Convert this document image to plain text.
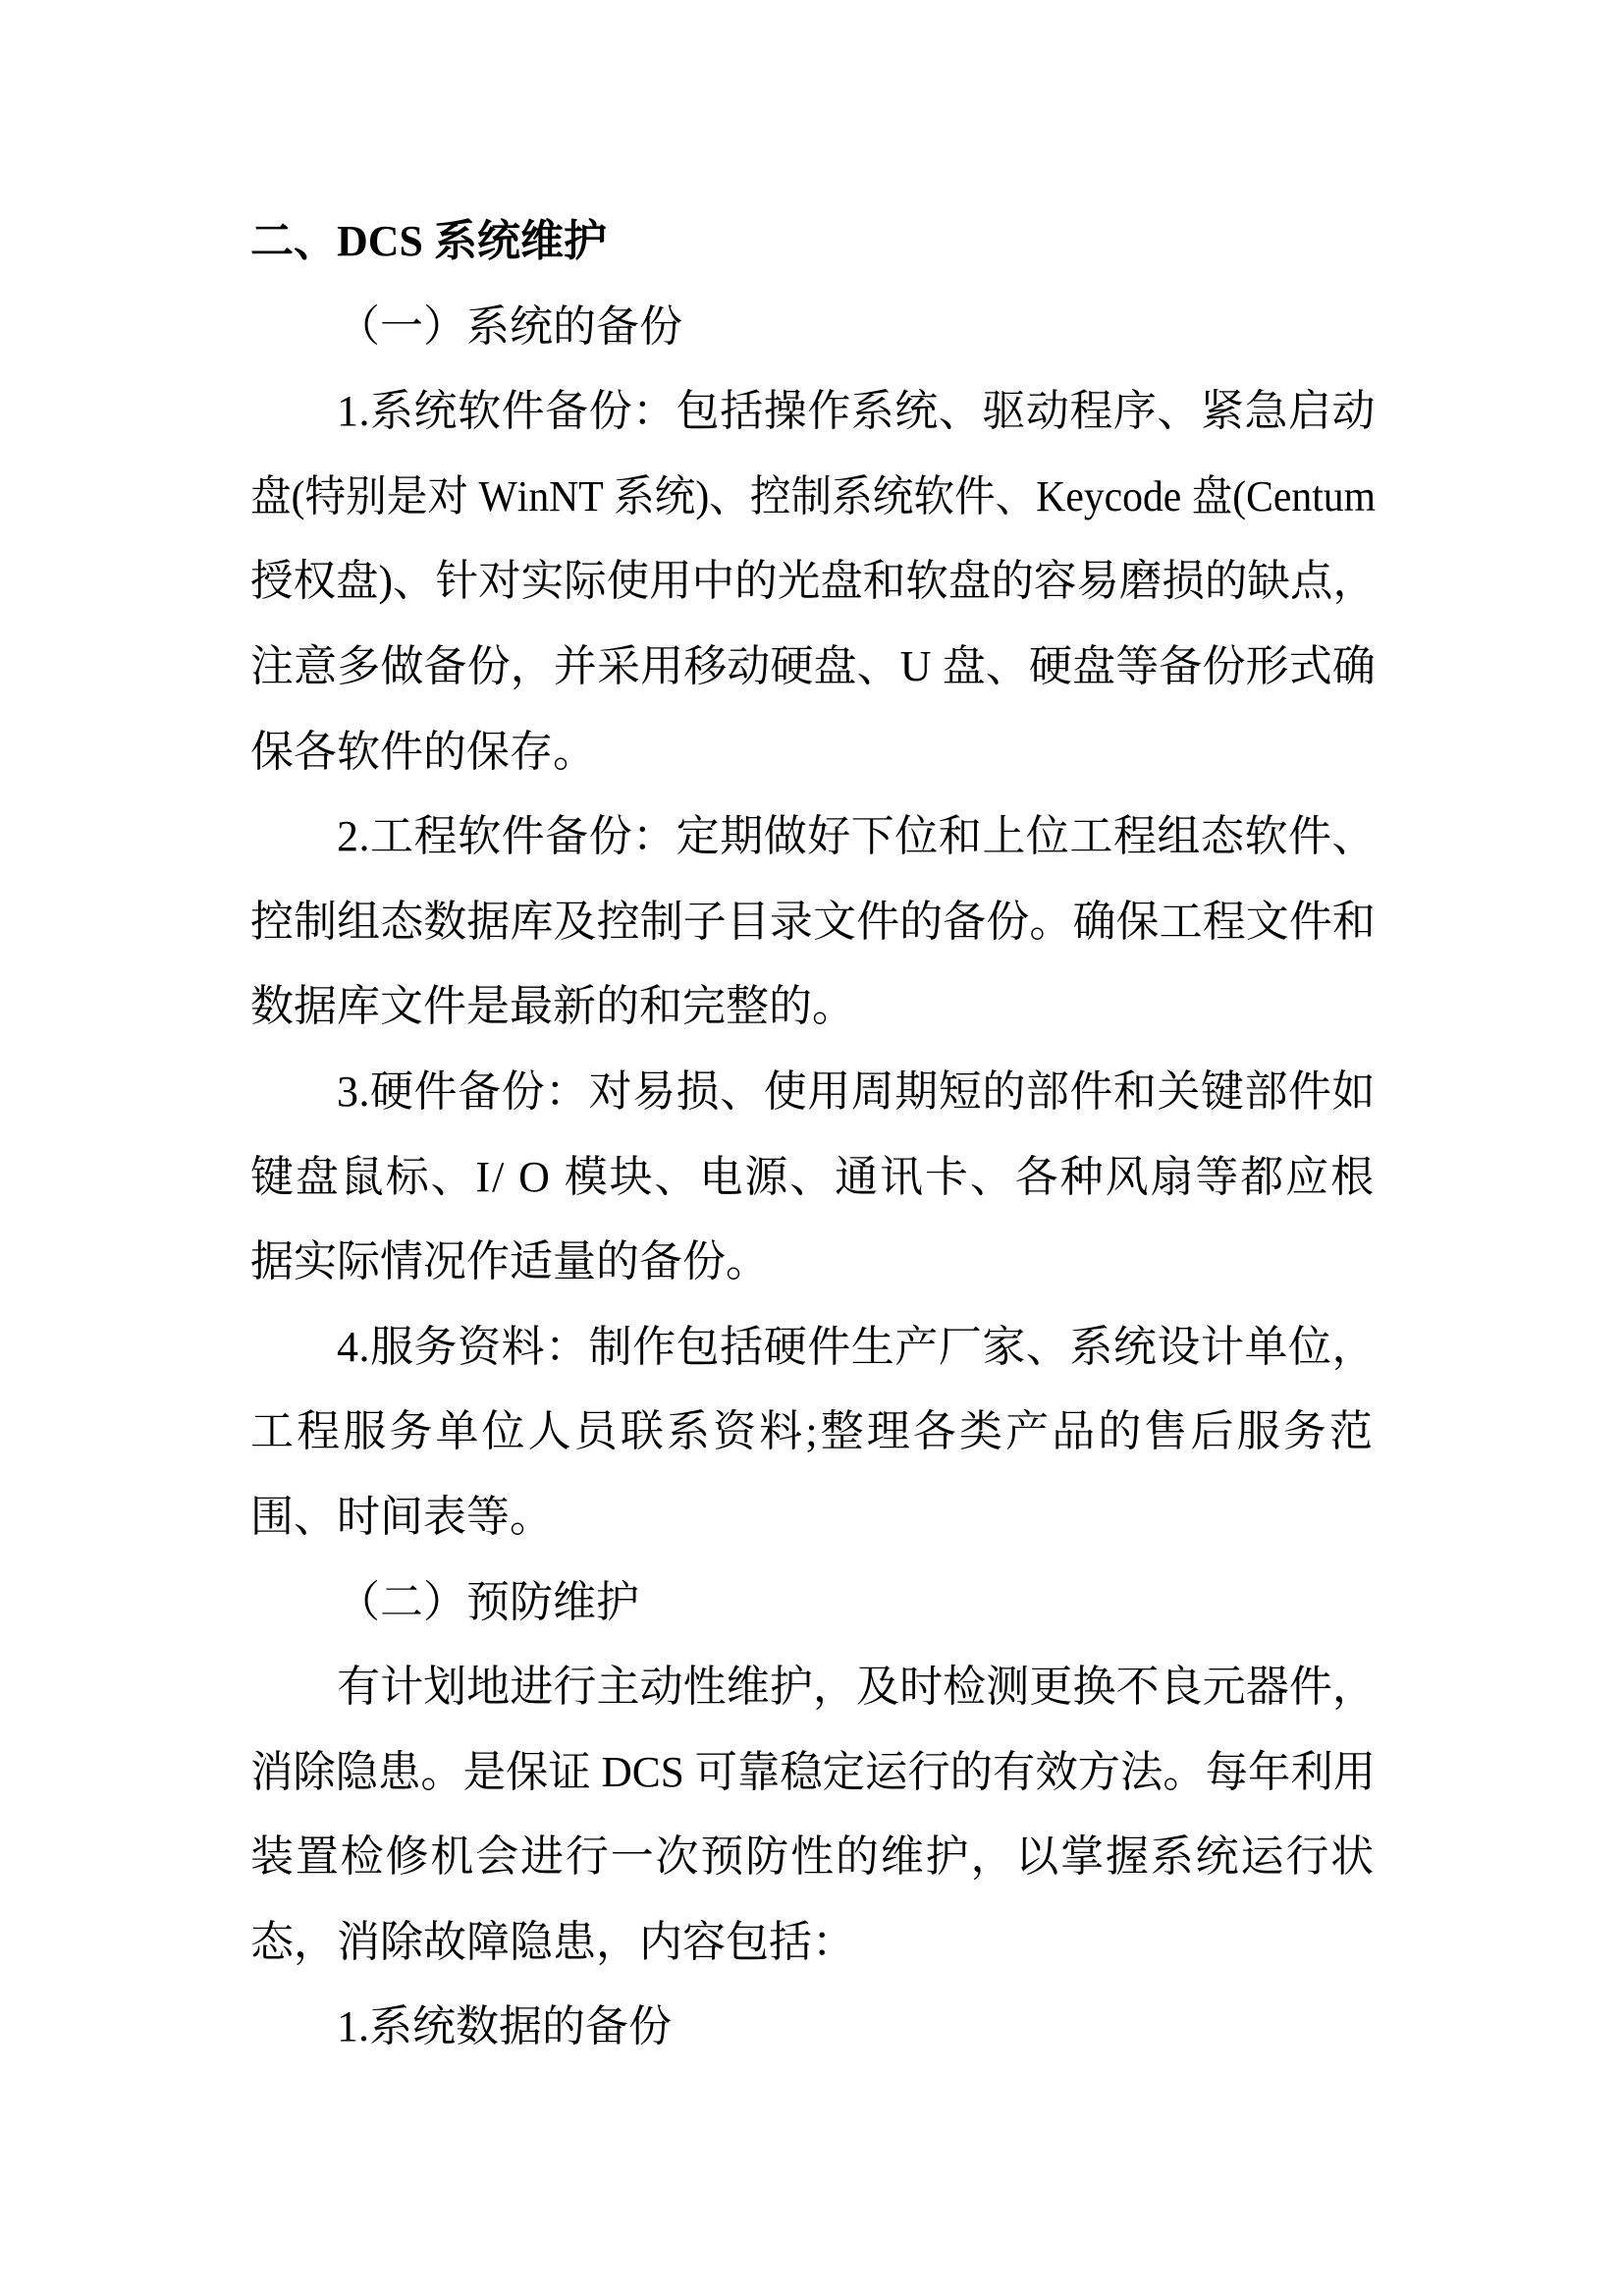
二、DCS 系统维护
（一）系统的备份
1.系统软件备份：包括操作系统、驱动程序、紧急启动
盘(特别是对 WinNT 系统)、控制系统软件、Keycode 盘(Centum
授权盘)、针对实际使用中的光盘和软盘的容易磨损的缺点，
注意多做备份，并采用移动硬盘、U 盘、硬盘等备份形式确
保各软件的保存。
2.工程软件备份：定期做好下位和上位工程组态软件、
控制组态数据库及控制子目录文件的备份。确保工程文件和
数据库文件是最新的和完整的。
3.硬件备份：对易损、使用周期短的部件和关键部件如
键盘鼠标、I/ O 模块、电源、通讯卡、各种风扇等都应根
据实际情况作适量的备份。
4.服务资料：制作包括硬件生产厂家、系统设计单位，
工程服务单位人员联系资料;整理各类产品的售后服务范
围、时间表等。
（二）预防维护
有计划地进行主动性维护，及时检测更换不良元器件，
消除隐患。是保证 DCS 可靠稳定运行的有效方法。每年利用
装置检修机会进行一次预防性的维护，以掌握系统运行状
态，消除故障隐患，内容包括：
1.系统数据的备份
